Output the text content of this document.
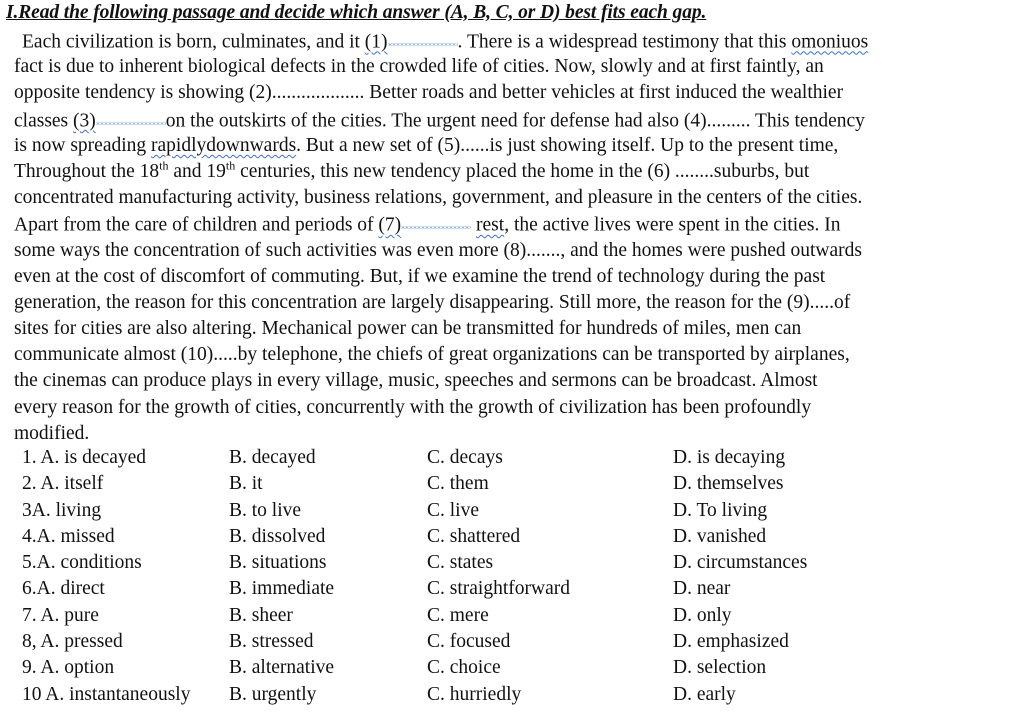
I.Read the following passage and decide which answer (A, B, C, or D) best fits each gap.
Each civilization is born, culminates, and it (1)	. There is a widespread testimony that this omoniuos
fact is due to inherent biological defects in the crowded life of cities. Now, slowly and at first faintly, an
opposite tendency is showing (2)................... Better roads and better vehicles at first induced the wealthier
classes (3)	on the outskirts of the cities. The urgent need for defense had also (4)......... This tendency
is now spreading rapidlydownwards. But a new set of (5)......is just showing itself. Up to the present time,
Throughout the 18th and 19th centuries, this new tendency placed the home in the (6) ........suburbs, but
concentrated manufacturing activity, business relations, government, and pleasure in the centers of the cities.
Apart from the care of children and periods of (7)	rest, the active lives were spent in the cities. In
some ways the concentration of such activities was even more (8)......., and the homes were pushed outwards
even at the cost of discomfort of commuting. But, if we examine the trend of technology during the past
generation, the reason for this concentration are largely disappearing. Still more, the reason for the (9).....of
sites for cities are also altering. Mechanical power can be transmitted for hundreds of miles, men can
communicate almost (10).....by telephone, the chiefs of great organizations can be transported by airplanes,
the cinemas can produce plays in every village, music, speeches and sermons can be broadcast. Almost
every reason for the growth of cities, concurrently with the growth of civilization has been profoundly
modified.
1. A. is decayed	B. decayed	C. decays	D. is decaying
2. A. itself	B. it	C. them	D. themselves
3A. living	B. to live	C. live	D. To living
4.A. missed	B. dissolved	C. shattered	D. vanished
5.A. conditions	B. situations	C. states	D. circumstances
6.A. direct	B. immediate	C. straightforward	D. near
7. A. pure	B. sheer	C. mere	D. only
8, A. pressed	B. stressed	C. focused	D. emphasized
9. A. option	B. alternative	C. choice	D. selection
10 A. instantaneously B. urgently	C. hurriedly	D. early
